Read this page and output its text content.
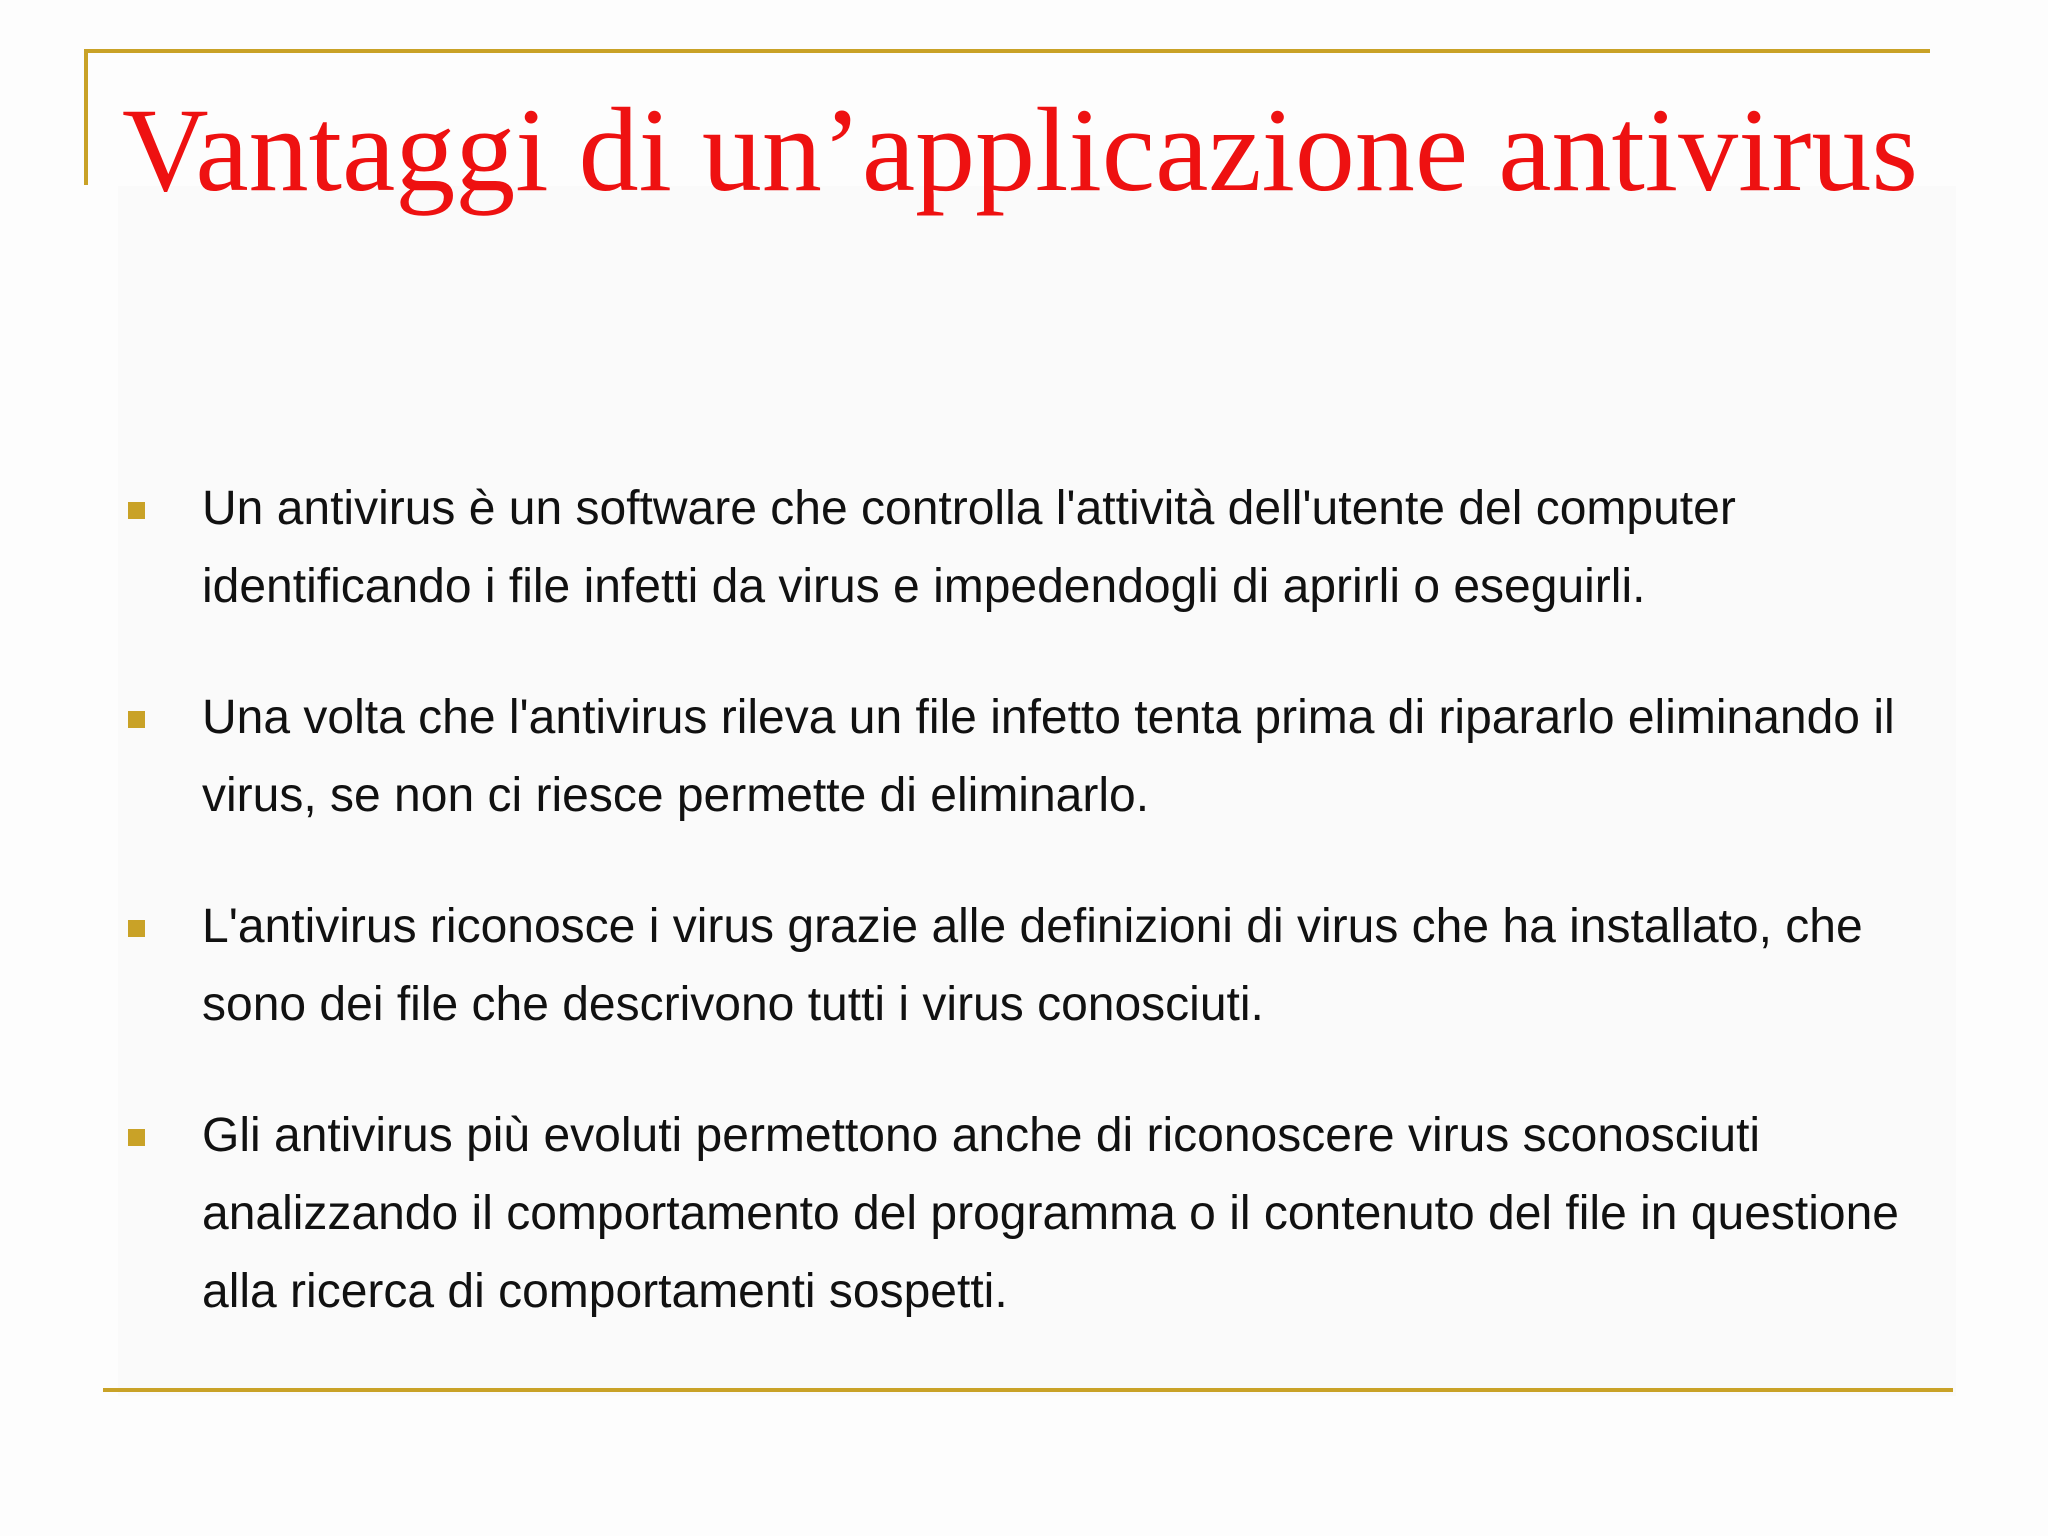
Vantaggi di un’applicazione antivirus
Un antivirus è un software che controlla l'attività dell'utente del computer identificando i file infetti da virus e impedendogli di aprirli o eseguirli.
Una volta che l'antivirus rileva un file infetto tenta prima di ripararlo eliminando il virus, se non ci riesce permette di eliminarlo.
L'antivirus riconosce i virus grazie alle definizioni di virus che ha installato, che sono dei file che descrivono tutti i virus conosciuti.
Gli antivirus più evoluti permettono anche di riconoscere virus sconosciuti analizzando il comportamento del programma o il contenuto del file in questione alla ricerca di comportamenti sospetti.
